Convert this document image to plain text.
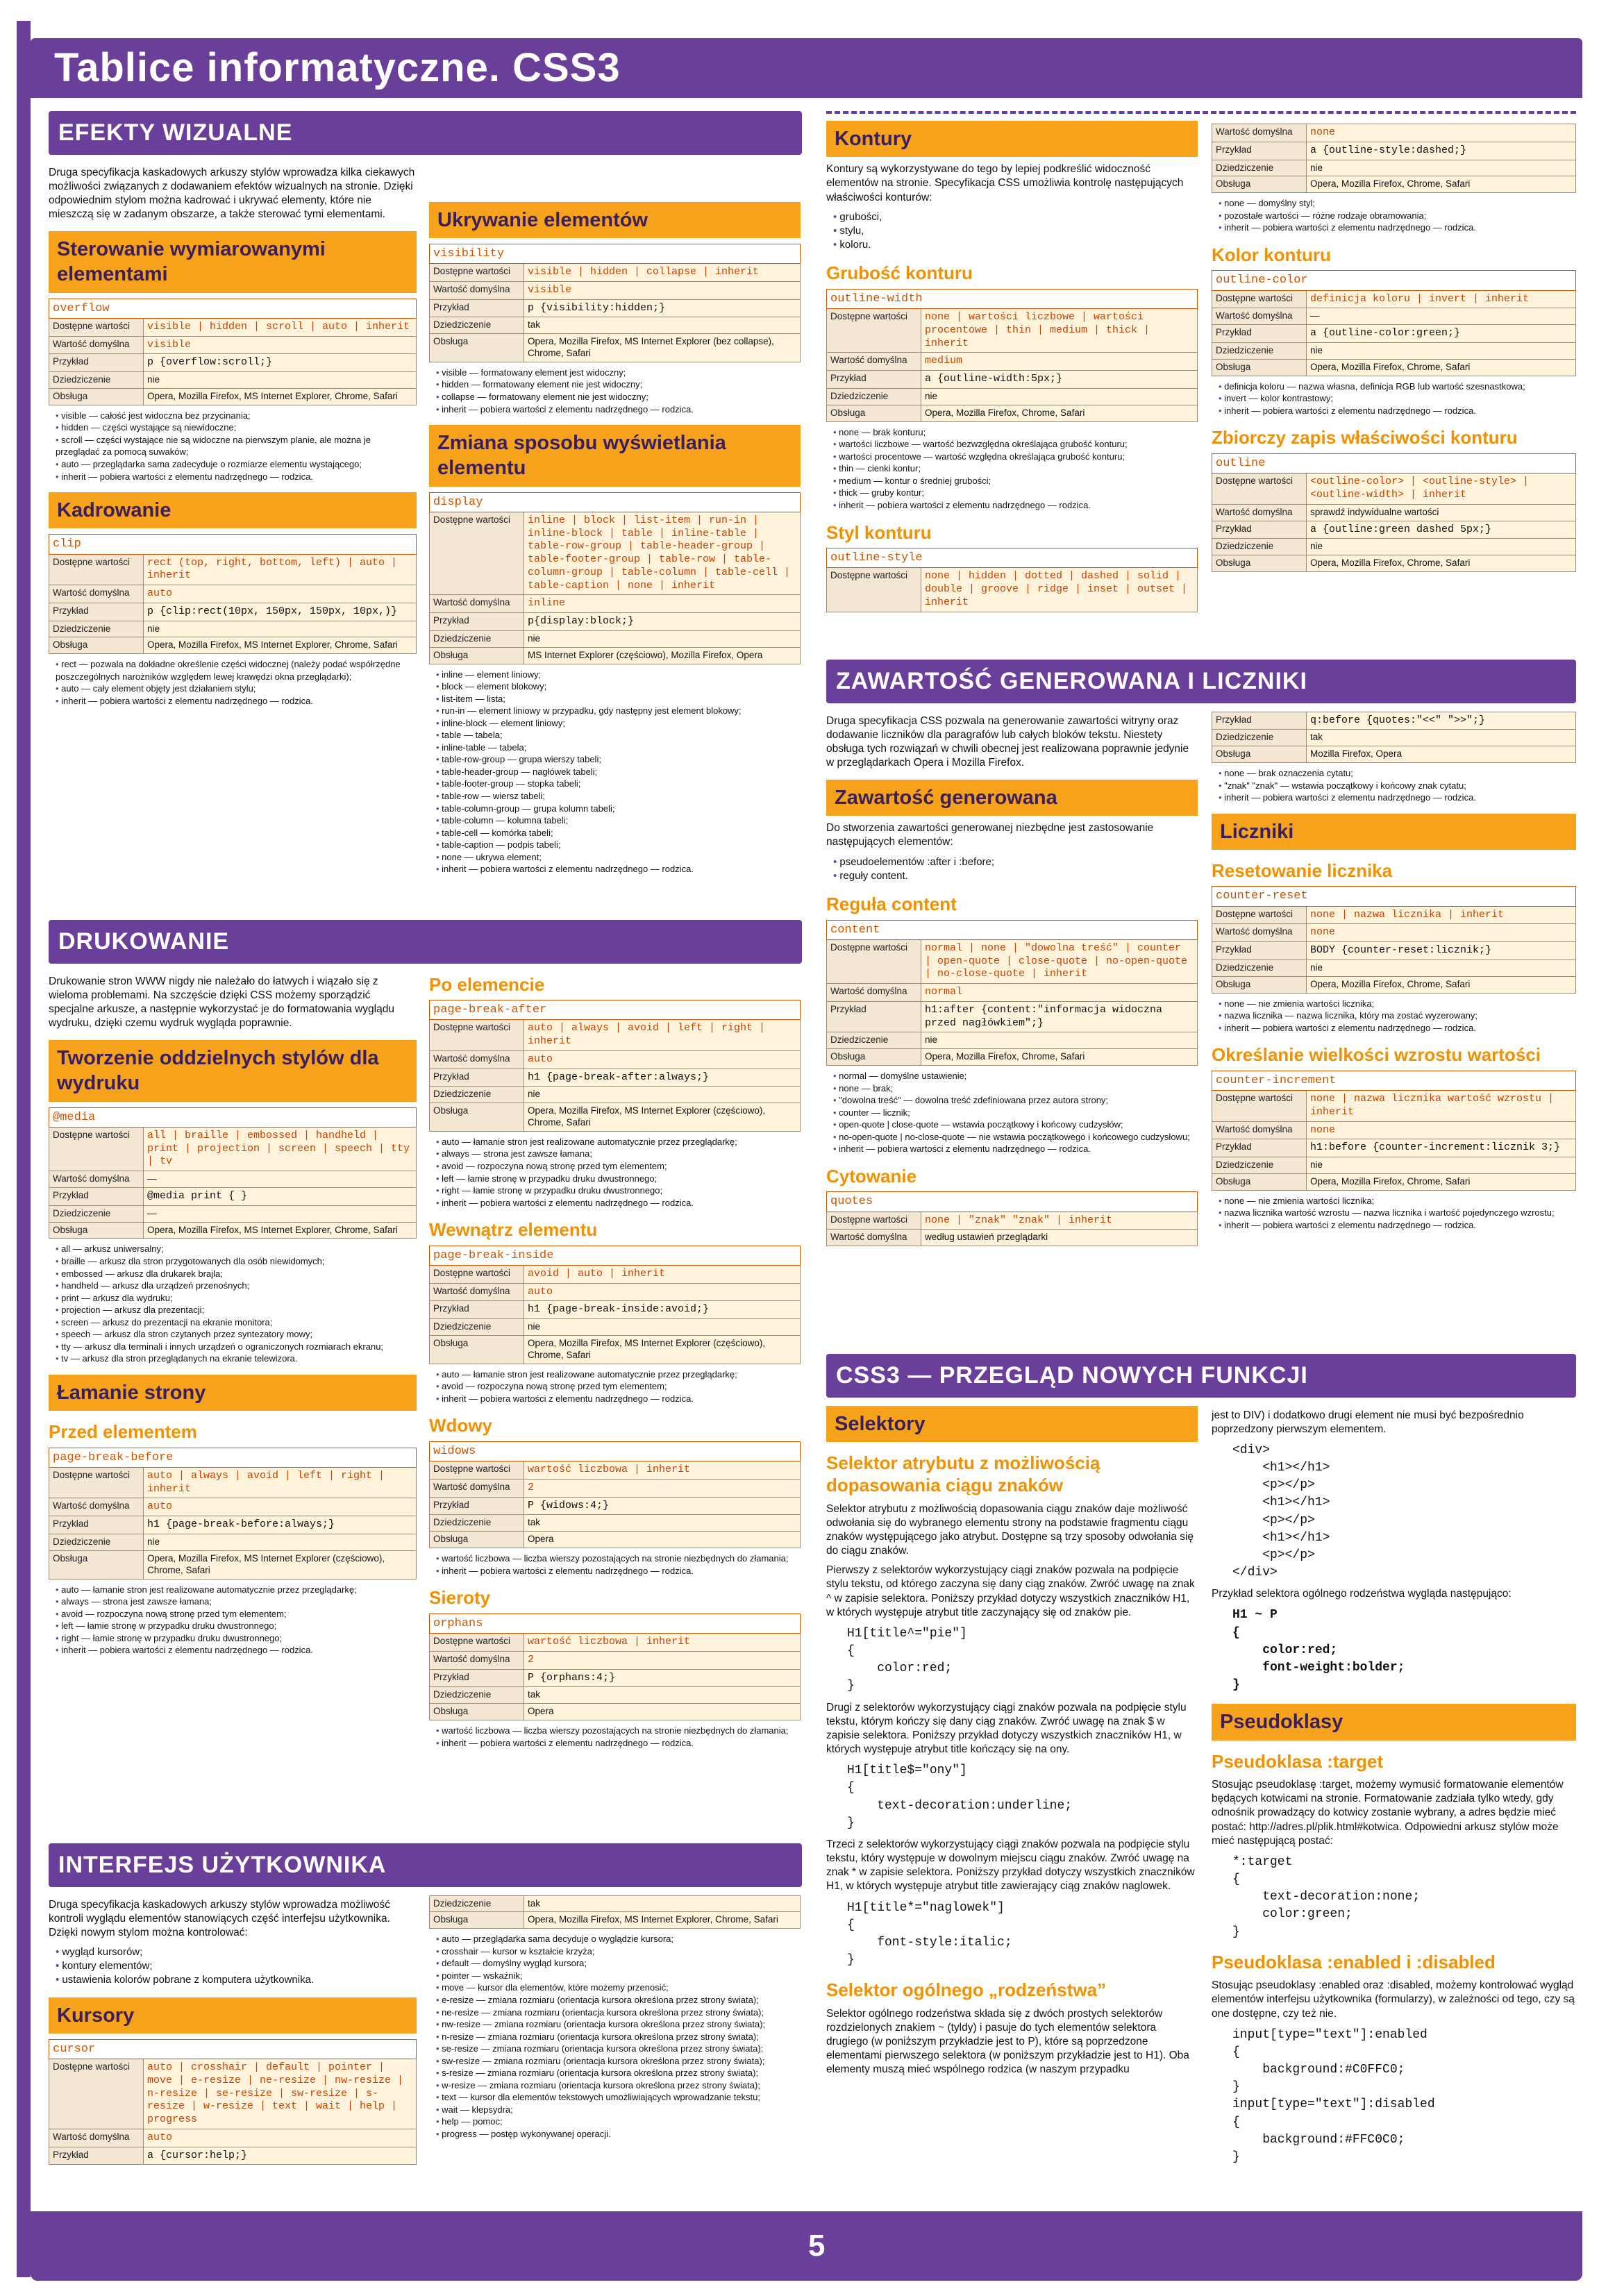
Tablice informatyczne. CSS3
EFEKTY WIZUALNE

Druga specyfikacja kaskadowych arkuszy stylów wprowadza kilka ciekawych możliwości związanych z dodawaniem efektów wizualnych na stronie. Dzięki odpowiednim stylom można kadrować i ukrywać elementy, które nie mieszczą się w zadanym obszarze, a także sterować tymi elementami.

Sterowanie wymiarowanymi elementami
overflow	
Dostępne wartości	visible | hidden | scroll | auto | inherit
Wartość domyślna	visible
Przykład	p {overflow:scroll;}
Dziedziczenie	nie
Obsługa	Opera, Mozilla Firefox, MS Internet Explorer, Chrome, Safari
• visible — całość jest widoczna bez przycinania;
• hidden — części wystające są niewidoczne;
• scroll — części wystające nie są widoczne na pierwszym planie, ale można je przeglądać za pomocą suwaków;
• auto — przeglądarka sama zadecyduje o rozmiarze elementu wystającego;
• inherit — pobiera wartości z elementu nadrzędnego — rodzica.
Kadrowanie
clip	
Dostępne wartości	rect (top, right, bottom, left) | auto | inherit
Wartość domyślna	auto
Przykład	p {clip:rect(10px, 150px, 150px, 10px,)}
Dziedziczenie	nie
Obsługa	Opera, Mozilla Firefox, MS Internet Explorer, Chrome, Safari
• rect — pozwala na dokładne określenie części widocznej (należy podać współrzędne poszczególnych narożników względem lewej krawędzi okna przeglądarki);
• auto — cały element objęty jest działaniem stylu;
• inherit — pobiera wartości z elementu nadrzędnego — rodzica.
Ukrywanie elementów
visibility	
Dostępne wartości	visible | hidden | collapse | inherit
Wartość domyślna	visible
Przykład	p {visibility:hidden;}
Dziedziczenie	tak
Obsługa	Opera, Mozilla Firefox, MS Internet Explorer (bez collapse), Chrome, Safari
• visible — formatowany element jest widoczny;
• hidden — formatowany element nie jest widoczny;
• collapse — formatowany element nie jest widoczny;
• inherit — pobiera wartości z elementu nadrzędnego — rodzica.
Zmiana sposobu wyświetlania elementu
display	
Dostępne wartości	inline | block | list-item | run-in | inline-block | table | inline-table | table-row-group | table-header-group | table-footer-group | table-row | table-column-group | table-column | table-cell | table-caption | none | inherit
Wartość domyślna	inline
Przykład	p{display:block;}
Dziedziczenie	nie
Obsługa	MS Internet Explorer (częściowo), Mozilla Firefox, Opera
• inline — element liniowy;
• block — element blokowy;
• list-item — lista;
• run-in — element liniowy w przypadku, gdy następny jest element blokowy;
• inline-block — element liniowy;
• table — tabela;
• inline-table — tabela;
• table-row-group — grupa wierszy tabeli;
• table-header-group — nagłówek tabeli;
• table-footer-group — stopka tabeli;
• table-row — wiersz tabeli;
• table-column-group — grupa kolumn tabeli;
• table-column — kolumna tabeli;
• table-cell — komórka tabeli;
• table-caption — podpis tabeli;
• none — ukrywa element;
• inherit — pobiera wartości z elementu nadrzędnego — rodzica.
DRUKOWANIE

Drukowanie stron WWW nigdy nie należało do łatwych i wiązało się z wieloma problemami. Na szczęście dzięki CSS możemy sporządzić specjalne arkusze, a następnie wykorzystać je do formatowania wyglądu wydruku, dzięki czemu wydruk wygląda poprawnie.

Tworzenie oddzielnych stylów dla wydruku
@media	
Dostępne wartości	all | braille | embossed | handheld | print | projection | screen | speech | tty | tv
Wartość domyślna	—
Przykład	@media print { }
Dziedziczenie	—
Obsługa	Opera, Mozilla Firefox, MS Internet Explorer, Chrome, Safari
• all — arkusz uniwersalny;
• braille — arkusz dla stron przygotowanych dla osób niewidomych;
• embossed — arkusz dla drukarek brajla;
• handheld — arkusz dla urządzeń przenośnych;
• print — arkusz dla wydruku;
• projection — arkusz dla prezentacji;
• screen — arkusz do prezentacji na ekranie monitora;
• speech — arkusz dla stron czytanych przez syntezatory mowy;
• tty — arkusz dla terminali i innych urządzeń o ograniczonych rozmiarach ekranu;
• tv — arkusz dla stron przeglądanych na ekranie telewizora.
Łamanie strony
Przed elementem
page-break-before	
Dostępne wartości	auto | always | avoid | left | right | inherit
Wartość domyślna	auto
Przykład	h1 {page-break-before:always;}
Dziedziczenie	nie
Obsługa	Opera, Mozilla Firefox, MS Internet Explorer (częściowo), Chrome, Safari
• auto — łamanie stron jest realizowane automatycznie przez przeglądarkę;
• always — strona jest zawsze łamana;
• avoid — rozpoczyna nową stronę przed tym elementem;
• left — łamie stronę w przypadku druku dwustronnego;
• right — łamie stronę w przypadku druku dwustronnego;
• inherit — pobiera wartości z elementu nadrzędnego — rodzica.
Po elemencie
page-break-after	
Dostępne wartości	auto | always | avoid | left | right | inherit
Wartość domyślna	auto
Przykład	h1 {page-break-after:always;}
Dziedziczenie	nie
Obsługa	Opera, Mozilla Firefox, MS Internet Explorer (częściowo), Chrome, Safari
• auto — łamanie stron jest realizowane automatycznie przez przeglądarkę;
• always — strona jest zawsze łamana;
• avoid — rozpoczyna nową stronę przed tym elementem;
• left — łamie stronę w przypadku druku dwustronnego;
• right — łamie stronę w przypadku druku dwustronnego;
• inherit — pobiera wartości z elementu nadrzędnego — rodzica.
Wewnątrz elementu
page-break-inside	
Dostępne wartości	avoid | auto | inherit
Wartość domyślna	auto
Przykład	h1 {page-break-inside:avoid;}
Dziedziczenie	nie
Obsługa	Opera, Mozilla Firefox, MS Internet Explorer (częściowo), Chrome, Safari
• auto — łamanie stron jest realizowane automatycznie przez przeglądarkę;
• avoid — rozpoczyna nową stronę przed tym elementem;
• inherit — pobiera wartości z elementu nadrzędnego — rodzica.
Wdowy
widows	
Dostępne wartości	wartość liczbowa | inherit
Wartość domyślna	2
Przykład	P {widows:4;}
Dziedziczenie	tak
Obsługa	Opera
• wartość liczbowa — liczba wierszy pozostających na stronie niezbędnych do złamania;
• inherit — pobiera wartości z elementu nadrzędnego — rodzica.
Sieroty
orphans	
Dostępne wartości	wartość liczbowa | inherit
Wartość domyślna	2
Przykład	P {orphans:4;}
Dziedziczenie	tak
Obsługa	Opera
• wartość liczbowa — liczba wierszy pozostających na stronie niezbędnych do złamania;
• inherit — pobiera wartości z elementu nadrzędnego — rodzica.
INTERFEJS UŻYTKOWNIKA

Druga specyfikacja kaskadowych arkuszy stylów wprowadza możliwość kontroli wyglądu elementów stanowiących część interfejsu użytkownika. Dzięki nowym stylom można kontrolować:

• wygląd kursorów;
• kontury elementów;
• ustawienia kolorów pobrane z komputera użytkownika.
Kursory
cursor	
Dostępne wartości	auto | crosshair | default | pointer | move | e-resize | ne-resize | nw-resize | n-resize | se-resize | sw-resize | s-resize | w-resize | text | wait | help | progress
Wartość domyślna	auto
Przykład	a {cursor:help;}
Dziedziczenie	tak
Obsługa	Opera, Mozilla Firefox, MS Internet Explorer, Chrome, Safari
• auto — przeglądarka sama decyduje o wyglądzie kursora;
• crosshair — kursor w kształcie krzyża;
• default — domyślny wygląd kursora;
• pointer — wskaźnik;
• move — kursor dla elementów, które możemy przenosić;
• e-resize — zmiana rozmiaru (orientacja kursora określona przez strony świata);
• ne-resize — zmiana rozmiaru (orientacja kursora określona przez strony świata);
• nw-resize — zmiana rozmiaru (orientacja kursora określona przez strony świata);
• n-resize — zmiana rozmiaru (orientacja kursora określona przez strony świata);
• se-resize — zmiana rozmiaru (orientacja kursora określona przez strony świata);
• sw-resize — zmiana rozmiaru (orientacja kursora określona przez strony świata);
• s-resize — zmiana rozmiaru (orientacja kursora określona przez strony świata);
• w-resize — zmiana rozmiaru (orientacja kursora określona przez strony świata);
• text — kursor dla elementów tekstowych umożliwiających wprowadzanie tekstu;
• wait — klepsydra;
• help — pomoc;
• progress — postęp wykonywanej operacji.
Kontury

Kontury są wykorzystywane do tego by lepiej podkreślić widoczność elementów na stronie. Specyfikacja CSS umożliwia kontrolę następujących właściwości konturów:

• grubości,
• stylu,
• koloru.
Grubość konturu
outline-width	
Dostępne wartości	none | wartości liczbowe | wartości procentowe | thin | medium | thick | inherit
Wartość domyślna	medium
Przykład	a {outline-width:5px;}
Dziedziczenie	nie
Obsługa	Opera, Mozilla Firefox, Chrome, Safari
• none — brak konturu;
• wartości liczbowe — wartość bezwzględna określająca grubość konturu;
• wartości procentowe — wartość względna określająca grubość konturu;
• thin — cienki kontur;
• medium — kontur o średniej grubości;
• thick — gruby kontur;
• inherit — pobiera wartości z elementu nadrzędnego — rodzica.
Styl konturu
outline-style
Dostępne wartości	none | hidden | dotted | dashed | solid | double | groove | ridge | inset | outset | inherit
Wartość domyślna	none
Przykład	a {outline-style:dashed;}
Dziedziczenie	nie
Obsługa	Opera, Mozilla Firefox, Chrome, Safari
• none — domyślny styl;
• pozostałe wartości — różne rodzaje obramowania;
• inherit — pobiera wartości z elementu nadrzędnego — rodzica.
Kolor konturu
outline-color	
Dostępne wartości	definicja koloru | invert | inherit
Wartość domyślna	—
Przykład	a {outline-color:green;}
Dziedziczenie	nie
Obsługa	Opera, Mozilla Firefox, Chrome, Safari
• definicja koloru — nazwa własna, definicja RGB lub wartość szesnastkowa;
• invert — kolor kontrastowy;
• inherit — pobiera wartości z elementu nadrzędnego — rodzica.
Zbiorczy zapis właściwości konturu
outline	
Dostępne wartości	<outline-color> | <outline-style> | <outline-width> | inherit
Wartość domyślna	sprawdź indywidualne wartości
Przykład	a {outline:green dashed 5px;}
Dziedziczenie	nie
Obsługa	Opera, Mozilla Firefox, Chrome, Safari
ZAWARTOŚĆ GENEROWANA I LICZNIKI

Druga specyfikacja CSS pozwala na generowanie zawartości witryny oraz dodawanie liczników dla paragrafów lub całych bloków tekstu. Niestety obsługa tych rozwiązań w chwili obecnej jest realizowana poprawnie jedynie w przeglądarkach Opera i Mozilla Firefox.

Zawartość generowana

Do stworzenia zawartości generowanej niezbędne jest zastosowanie następujących elementów:

• pseudoelementów :after i :before;
• reguły content.
Reguła content
content	
Dostępne wartości	normal | none | "dowolna treść" | counter | open-quote | close-quote | no-open-quote | no-close-quote | inherit
Wartość domyślna	normal
Przykład	h1:after {content:"informacja widoczna przed nagłówkiem";}
Dziedziczenie	nie
Obsługa	Opera, Mozilla Firefox, Chrome, Safari
• normal — domyślne ustawienie;
• none — brak;
• "dowolna treść" — dowolna treść zdefiniowana przez autora strony;
• counter — licznik;
• open-quote | close-quote — wstawia początkowy i końcowy cudzysłów;
• no-open-quote | no-close-quote — nie wstawia początkowego i końcowego cudzysłowu;
• inherit — pobiera wartości z elementu nadrzędnego — rodzica.
Cytowanie
quotes	
Dostępne wartości	none | "znak" "znak" | inherit
Wartość domyślna	według ustawień przeglądarki
Przykład	q:before {quotes:"<<" ">>";}
Dziedziczenie	tak
Obsługa	Mozilla Firefox, Opera
• none — brak oznaczenia cytatu;
• "znak" "znak" — wstawia początkowy i końcowy znak cytatu;
• inherit — pobiera wartości z elementu nadrzędnego — rodzica.
Liczniki
Resetowanie licznika
counter-reset	
Dostępne wartości	none | nazwa licznika | inherit
Wartość domyślna	none
Przykład	BODY {counter-reset:licznik;}
Dziedziczenie	nie
Obsługa	Opera, Mozilla Firefox, Chrome, Safari
• none — nie zmienia wartości licznika;
• nazwa licznika — nazwa licznika, który ma zostać wyzerowany;
• inherit — pobiera wartości z elementu nadrzędnego — rodzica.
Określanie wielkości wzrostu wartości
counter-increment	
Dostępne wartości	none | nazwa licznika wartość wzrostu | inherit
Wartość domyślna	none
Przykład	h1:before {counter-increment:licznik 3;}
Dziedziczenie	nie
Obsługa	Opera, Mozilla Firefox, Chrome, Safari
• none — nie zmienia wartości licznika;
• nazwa licznika wartość wzrostu — nazwa licznika i wartość pojedynczego wzrostu;
• inherit — pobiera wartości z elementu nadrzędnego — rodzica.
CSS3 — PRZEGLĄD NOWYCH FUNKCJI
Selektory
Selektor atrybutu z możliwością dopasowania ciągu znaków

Selektor atrybutu z możliwością dopasowania ciągu znaków daje możliwość odwołania się do wybranego elementu strony na podstawie fragmentu ciągu znaków występującego jako atrybut. Dostępne są trzy sposoby odwołania się do ciągu znaków.

Pierwszy z selektorów wykorzystujący ciągi znaków pozwala na podpięcie stylu tekstu, od którego zaczyna się dany ciąg znaków. Zwróć uwagę na znak ^ w zapisie selektora. Poniższy przykład dotyczy wszystkich znaczników H1, w których występuje atrybut title zaczynający się od znaków pie.

H1[title^="pie"]
{
color:red;
}

Drugi z selektorów wykorzystujący ciągi znaków pozwala na podpięcie stylu tekstu, którym kończy się dany ciąg znaków. Zwróć uwagę na znak $ w zapisie selektora. Poniższy przykład dotyczy wszystkich znaczników H1, w których występuje atrybut title kończący się na ony.

H1[title$="ony"]
{
text-decoration:underline;
}

Trzeci z selektorów wykorzystujący ciągi znaków pozwala na podpięcie stylu tekstu, który występuje w dowolnym miejscu ciągu znaków. Zwróć uwagę na znak * w zapisie selektora. Poniższy przykład dotyczy wszystkich znaczników H1, w których występuje atrybut title zawierający ciąg znaków naglowek.

H1[title*="naglowek"]
{
font-style:italic;
}
Selektor ogólnego „rodzeństwa”

Selektor ogólnego rodzeństwa składa się z dwóch prostych selektorów rozdzielonych znakiem ~ (tyldy) i pasuje do tych elementów selektora drugiego (w poniższym przykładzie jest to P), które są poprzedzone elementami pierwszego selektora (w poniższym przykładzie jest to H1). Oba elementy muszą mieć wspólnego rodzica (w naszym przypadku

jest to DIV) i dodatkowo drugi element nie musi być bezpośrednio poprzedzony pierwszym elementem.

<div>
<h1></h1>
<p></p>
<h1></h1>
<p></p>
<h1></h1>
<p></p>
</div>

Przykład selektora ogólnego rodzeństwa wygląda następująco:

H1 ~ P
{
color:red;
font-weight:bolder;
}
Pseudoklasy
Pseudoklasa :target

Stosując pseudoklasę :target, możemy wymusić formatowanie elementów będących kotwicami na stronie. Formatowanie zadziała tylko wtedy, gdy odnośnik prowadzący do kotwicy zostanie wybrany, a adres będzie mieć postać: http://adres.pl/plik.html#kotwica. Odpowiedni arkusz stylów może mieć następującą postać:

*:target
{
text-decoration:none;
color:green;
}
Pseudoklasa :enabled i :disabled

Stosując pseudoklasy :enabled oraz :disabled, możemy kontrolować wygląd elementów interfejsu użytkownika (formularzy), w zależności od tego, czy są one dostępne, czy też nie.

input[type="text"]:enabled
{
background:#C0FFC0;
}
input[type="text"]:disabled
{
background:#FFC0C0;
}
5
